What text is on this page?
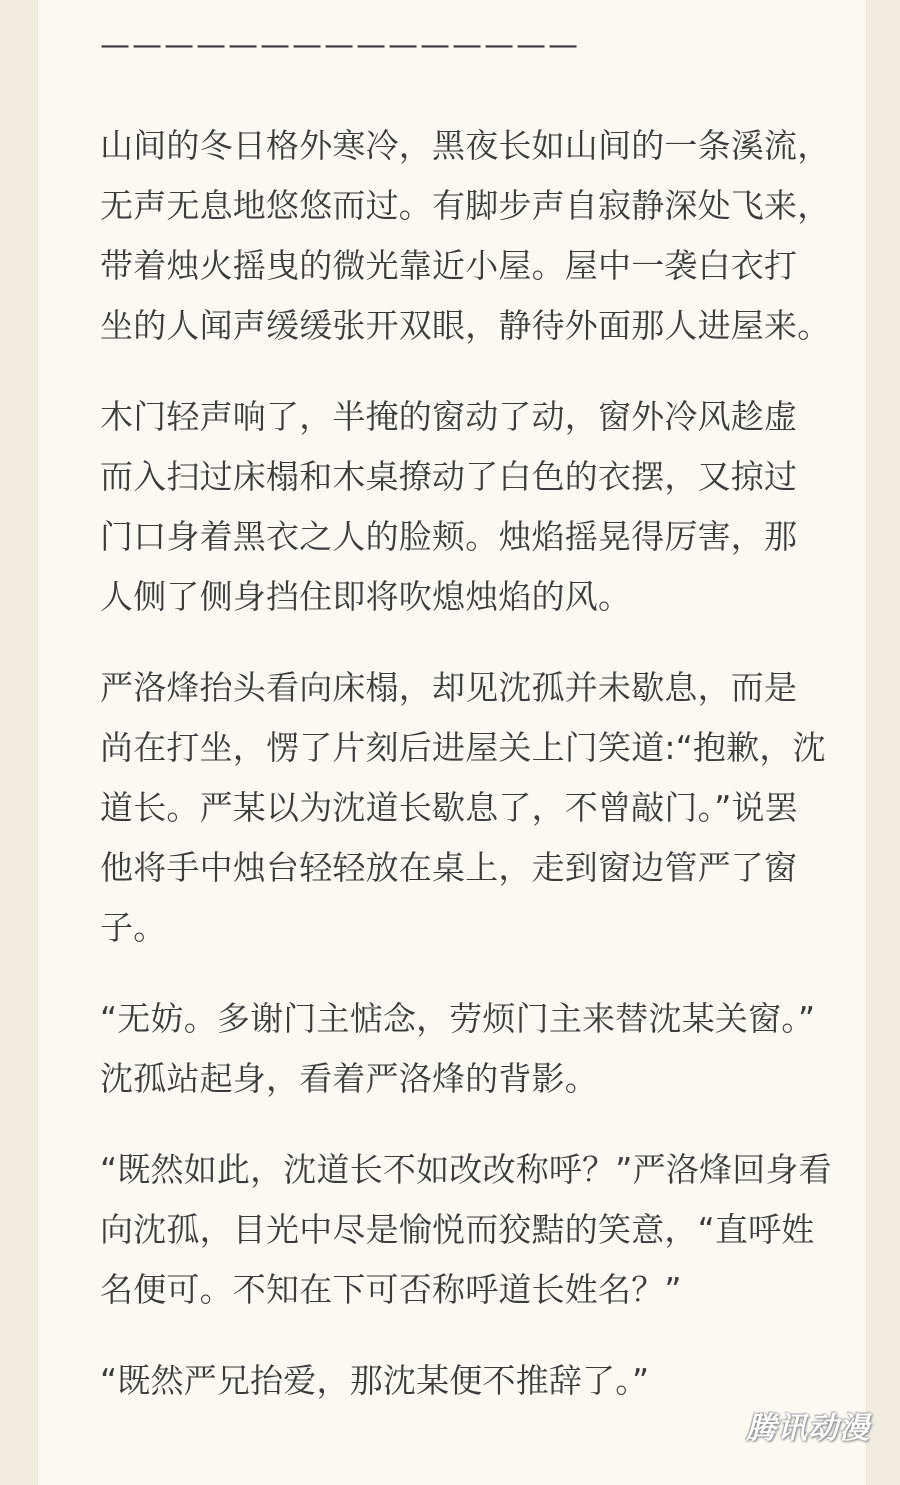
———————————————
山间的冬日格外寒冷，黑夜长如山间的一条溪流，
无声无息地悠悠而过。有脚步声自寂静深处飞来，
带着烛火摇曳的微光靠近小屋。屋中一袭白衣打
坐的人闻声缓缓张开双眼，静待外面那人进屋来。
木门轻声响了，半掩的窗动了动，窗外冷风趁虚
而入扫过床榻和木桌撩动了白色的衣摆，又掠过
门口身着黑衣之人的脸颊。烛焰摇晃得厉害，那
人侧了侧身挡住即将吹熄烛焰的风。
严洛烽抬头看向床榻，却见沈孤并未歇息，而是
尚在打坐，愣了片刻后进屋关上门笑道:“抱歉，沈
道长。严某以为沈道长歇息了，不曾敲门。”说罢
他将手中烛台轻轻放在桌上，走到窗边管严了窗
子。
“无妨。多谢门主惦念，劳烦门主来替沈某关窗。”
沈孤站起身，看着严洛烽的背影。
“既然如此，沈道长不如改改称呼？”严洛烽回身看
向沈孤，目光中尽是愉悦而狡黠的笑意，“直呼姓
名便可。不知在下可否称呼道长姓名？”
“既然严兄抬爱，那沈某便不推辞了。”
腾讯动漫
